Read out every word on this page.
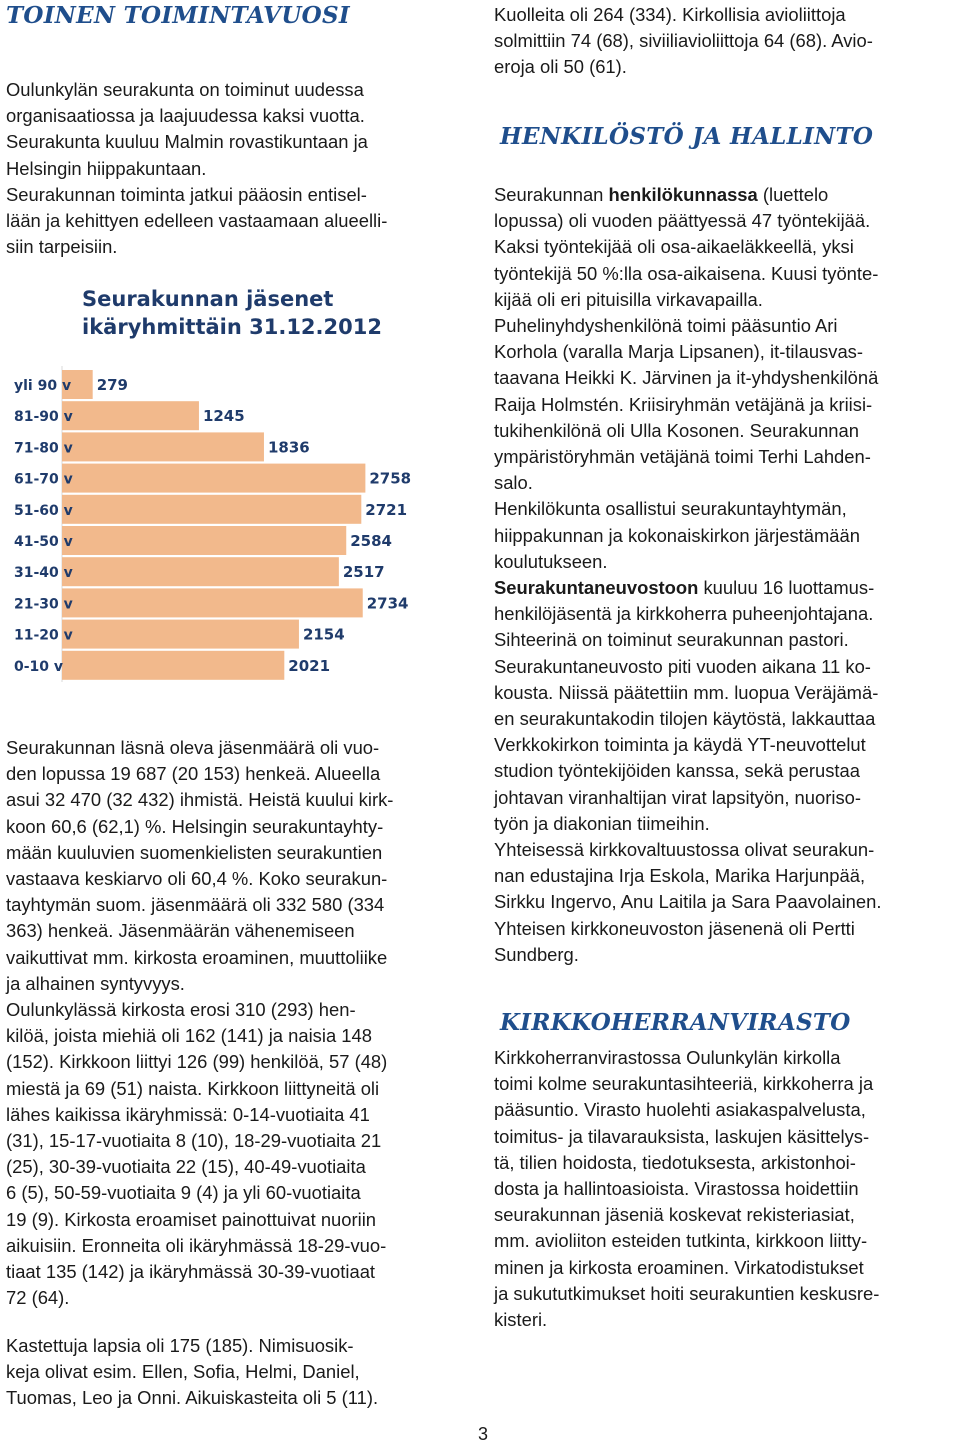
TOINEN TOIMINTAVUOSI

Oulunkylän seurakunta on toiminut uudessa

organisaatiossa ja laajuudessa kaksi vuotta.

Seurakunta kuuluu Malmin rovastikuntaan ja

Helsingin hiippakuntaan.

Seurakunnan toiminta jatkui pääosin entisel-

lään ja kehittyen edelleen vastaamaan alueelli-

siin tarpeisiin.

Seurakunnan läsnä oleva jäsenmäärä oli vuo-

den lopussa 19 687 (20 153) henkeä. Alueella

asui 32 470 (32 432) ihmistä. Heistä kuului kirk-

koon 60,6 (62,1) %. Helsingin seurakuntayhty-

mään kuuluvien suomenkielisten seurakuntien

vastaava keskiarvo oli 60,4 %. Koko seurakun-

tayhtymän suom. jäsenmäärä oli 332 580 (334

363) henkeä. Jäsenmäärän vähenemiseen

vaikuttivat mm. kirkosta eroaminen, muuttoliike

ja alhainen syntyvyys.

Oulunkylässä kirkosta erosi 310 (293) hen-

kilöä, joista miehiä oli 162 (141) ja naisia 148

(152). Kirkkoon liittyi 126 (99) henkilöä, 57 (48)

miestä ja 69 (51) naista. Kirkkoon liittyneitä oli

lähes kaikissa ikäryhmissä: 0-14-vuotiaita 41

(31), 15-17-vuotiaita 8 (10), 18-29-vuotiaita 21

(25), 30-39-vuotiaita 22 (15), 40-49-vuotiaita

6 (5), 50-59-vuotiaita 9 (4) ja yli 60-vuotiaita

19 (9). Kirkosta eroamiset painottuivat nuoriin

aikuisiin. Eronneita oli ikäryhmässä 18-29-vuo-

tiaat 135 (142) ja ikäryhmässä 30-39-vuotiaat

72 (64).

Kastettuja lapsia oli 175 (185). Nimisuosik-

keja olivat esim. Ellen, Sofia, Helmi, Daniel,

Tuomas, Leo ja Onni. Aikuiskasteita oli 5 (11).

Seurakunnan jäsenet
ikäryhmittäin 31.12.2012
yli 90 v 279
81-90 v	1245
71-80 v	1836
61-70 v	2758
51-60 v	2721
41-50 v	2584
31-40 v	2517
21-30 v	2734
11-20 v	2154
0-10 v	2021

Kuolleita oli 264 (334). Kirkollisia avioliittoja

solmittiin 74 (68), siviiliavioliittoja 64 (68). Avio-

eroja oli 50 (61).

HENKILÖSTÖ JA HALLINTO

Seurakunnan henkilökunnassa (luettelo

lopussa) oli vuoden päättyessä 47 työntekijää.

Kaksi työntekijää oli osa-aikaeläkkeellä, yksi

työntekijä 50 %:lla osa-aikaisena. Kuusi työnte-

kijää oli eri pituisilla virkavapailla.

Puhelinyhdyshenkilönä toimi pääsuntio Ari

Korhola (varalla Marja Lipsanen), it-tilausvas-

taavana Heikki K. Järvinen ja it-yhdyshenkilönä

Raija Holmstén. Kriisiryhmän vetäjänä ja kriisi-

tukihenkilönä oli Ulla Kosonen. Seurakunnan

ympäristöryhmän vetäjänä toimi Terhi Lahden-

salo.

Henkilökunta osallistui seurakuntayhtymän,

hiippakunnan ja kokonaiskirkon järjestämään

koulutukseen.

Seurakuntaneuvostoon kuuluu 16 luottamus-

henkilöjäsentä ja kirkkoherra puheenjohtajana.

Sihteerinä on toiminut seurakunnan pastori.

Seurakuntaneuvosto piti vuoden aikana 11 ko-

kousta. Niissä päätettiin mm. luopua Veräjämä-

en seurakuntakodin tilojen käytöstä, lakkauttaa

Verkkokirkon toiminta ja käydä YT-neuvottelut

studion työntekijöiden kanssa, sekä perustaa

johtavan viranhaltijan virat lapsityön, nuoriso-

työn ja diakonian tiimeihin.

Yhteisessä kirkkovaltuustossa olivat seurakun-

nan edustajina Irja Eskola, Marika Harjunpää,

Sirkku Ingervo, Anu Laitila ja Sara Paavolainen.

Yhteisen kirkkoneuvoston jäsenenä oli Pertti

Sundberg.

KIRKKOHERRANVIRASTO

Kirkkoherranvirastossa Oulunkylän kirkolla

toimi kolme seurakuntasihteeriä, kirkkoherra ja

pääsuntio. Virasto huolehti asiakaspalvelusta,

toimitus- ja tilavarauksista, laskujen käsittelys-

tä, tilien hoidosta, tiedotuksesta, arkistonhoi-

dosta ja hallintoasioista. Virastossa hoidettiin

seurakunnan jäseniä koskevat rekisteriasiat,

mm. avioliiton esteiden tutkinta, kirkkoon liitty-

minen ja kirkosta eroaminen. Virkatodistukset

ja sukututkimukset hoiti seurakuntien keskusre-

kisteri.

3
